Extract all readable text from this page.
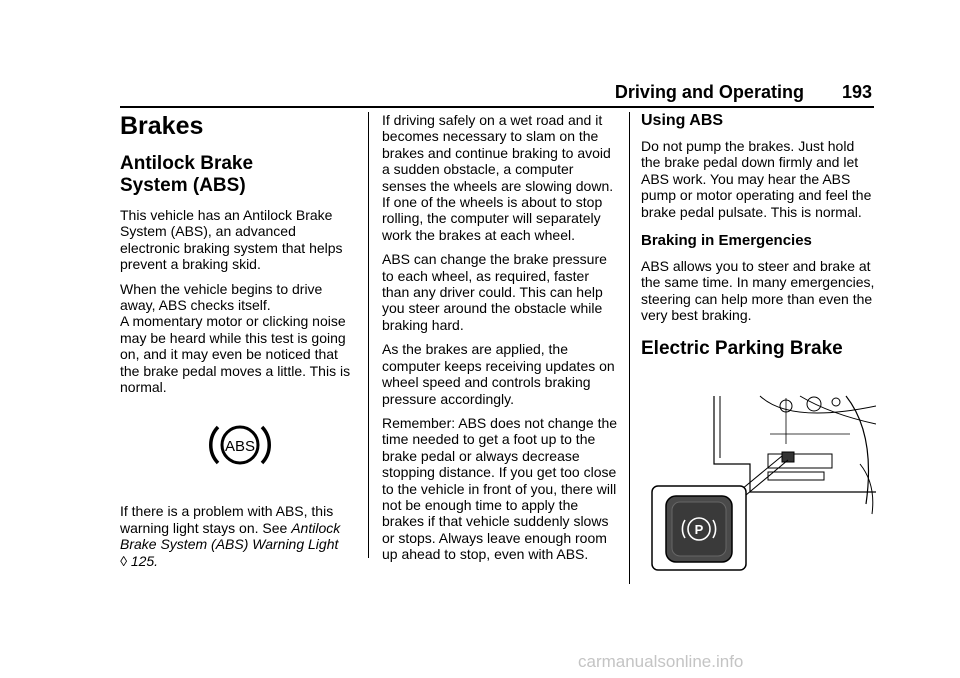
Driving and Operating 193
Brakes
Antilock Brake
System (ABS)

This vehicle has an Antilock Brake System (ABS), an advanced electronic braking system that helps prevent a braking skid.

When the vehicle begins to drive away, ABS checks itself.
A momentary motor or clicking noise may be heard while this test is going on, and it may even be noticed that the brake pedal moves a little. This is normal.

ABS

If there is a problem with ABS, this warning light stays on. See Antilock Brake System (ABS) Warning Light
◊ 125.

If driving safely on a wet road and it becomes necessary to slam on the brakes and continue braking to avoid a sudden obstacle, a computer senses the wheels are slowing down. If one of the wheels is about to stop rolling, the computer will separately work the brakes at each wheel.

ABS can change the brake pressure to each wheel, as required, faster than any driver could. This can help you steer around the obstacle while braking hard.

As the brakes are applied, the computer keeps receiving updates on wheel speed and controls braking pressure accordingly.

Remember: ABS does not change the time needed to get a foot up to the brake pedal or always decrease stopping distance. If you get too close to the vehicle in front of you, there will not be enough time to apply the brakes if that vehicle suddenly slows or stops. Always leave enough room up ahead to stop, even with ABS.

Using ABS

Do not pump the brakes. Just hold the brake pedal down firmly and let ABS work. You may hear the ABS pump or motor operating and feel the brake pedal pulsate. This is normal.

Braking in Emergencies

ABS allows you to steer and brake at the same time. In many emergencies, steering can help more than even the very best braking.

Electric Parking Brake
P
carmanualsonline.info
